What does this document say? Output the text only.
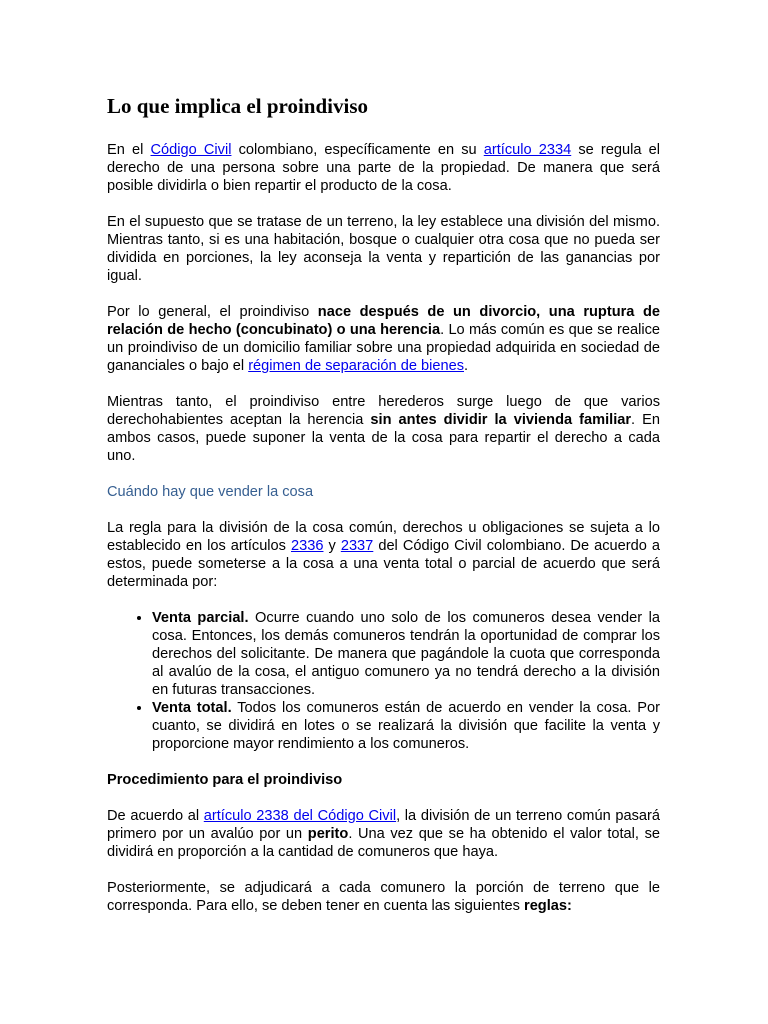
Lo que implica el proindiviso

En el Código Civil colombiano, específicamente en su artículo 2334 se regula el derecho de una persona sobre una parte de la propiedad. De manera que será posible dividirla o bien repartir el producto de la cosa.

En el supuesto que se tratase de un terreno, la ley establece una división del mismo. Mientras tanto, si es una habitación, bosque o cualquier otra cosa que no pueda ser dividida en porciones, la ley aconseja la venta y repartición de las ganancias por igual.

Por lo general, el proindiviso nace después de un divorcio, una ruptura de relación de hecho (concubinato) o una herencia. Lo más común es que se realice un proindiviso de un domicilio familiar sobre una propiedad adquirida en sociedad de gananciales o bajo el régimen de separación de bienes.

Mientras tanto, el proindiviso entre herederos surge luego de que varios derechohabientes aceptan la herencia sin antes dividir la vivienda familiar. En ambos casos, puede suponer la venta de la cosa para repartir el derecho a cada uno.

Cuándo hay que vender la cosa

La regla para la división de la cosa común, derechos u obligaciones se sujeta a lo establecido en los artículos 2336 y 2337 del Código Civil colombiano. De acuerdo a estos, puede someterse a la cosa a una venta total o parcial de acuerdo que será determinada por:

• Venta parcial. Ocurre cuando uno solo de los comuneros desea vender la cosa. Entonces, los demás comuneros tendrán la oportunidad de comprar los derechos del solicitante. De manera que pagándole la cuota que corresponda al avalúo de la cosa, el antiguo comunero ya no tendrá derecho a la división en futuras transacciones.
• Venta total. Todos los comuneros están de acuerdo en vender la cosa. Por cuanto, se dividirá en lotes o se realizará la división que facilite la venta y proporcione mayor rendimiento a los comuneros.
Procedimiento para el proindiviso

De acuerdo al artículo 2338 del Código Civil, la división de un terreno común pasará primero por un avalúo por un perito. Una vez que se ha obtenido el valor total, se dividirá en proporción a la cantidad de comuneros que haya.

Posteriormente, se adjudicará a cada comunero la porción de terreno que le corresponda. Para ello, se deben tener en cuenta las siguientes reglas:
